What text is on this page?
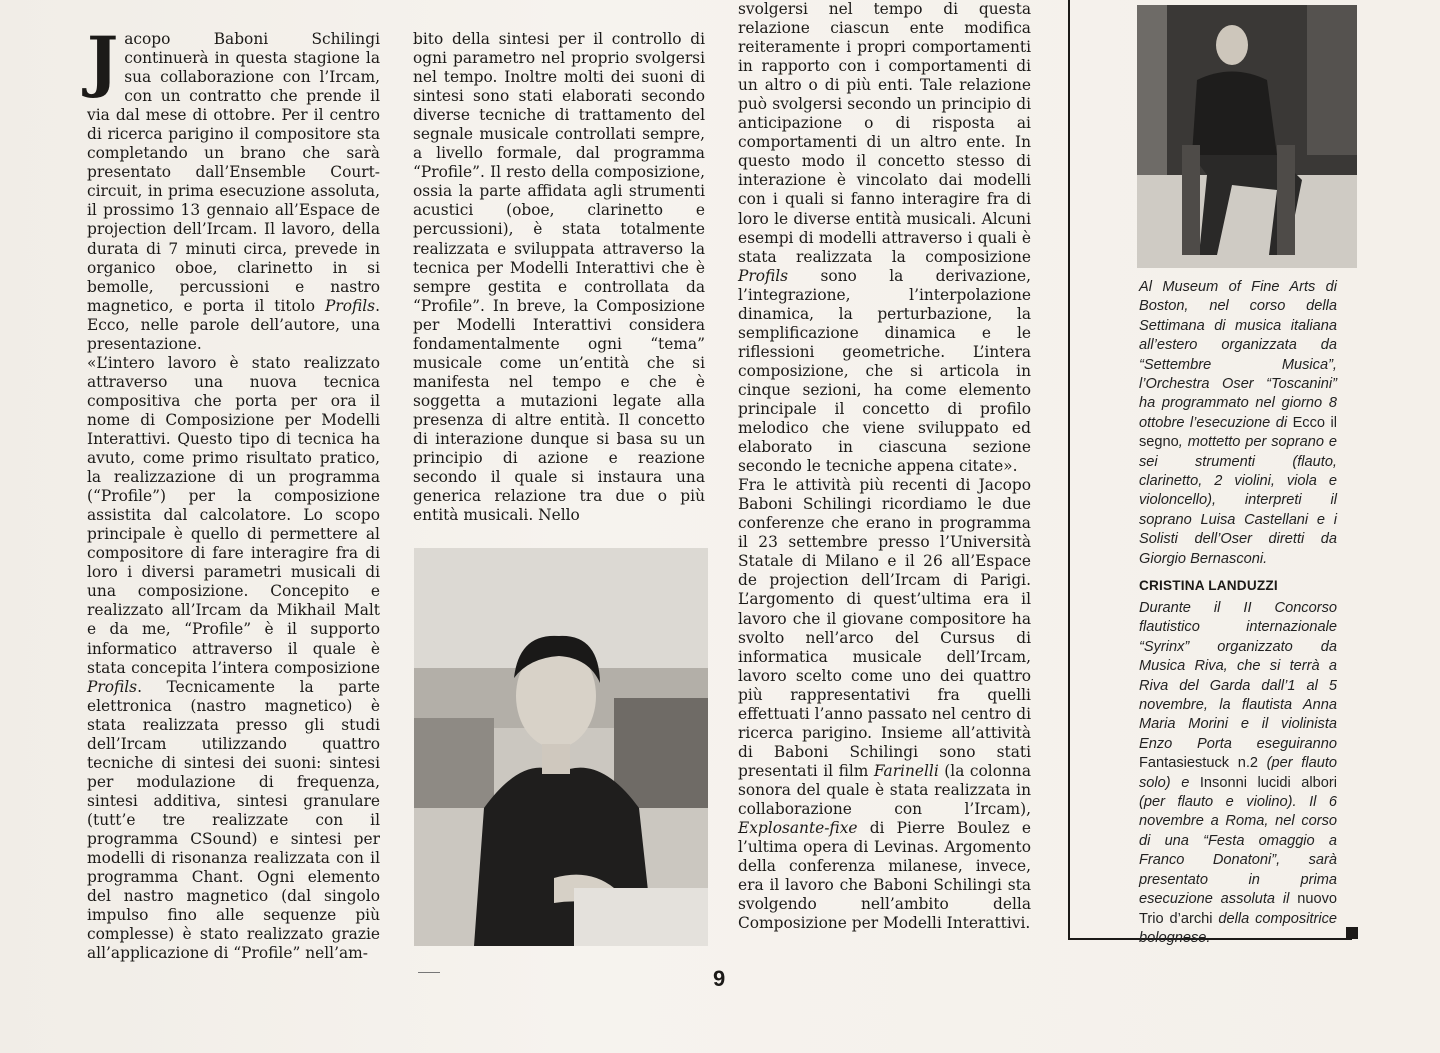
Jacopo Baboni Schilingi continuerà in questa stagione la sua collaborazione con l’Ircam, con un contratto che prende il via dal mese di ottobre. Per il centro di ricerca parigino il compositore sta completando un brano che sarà presentato dall’Ensemble Court-circuit, in prima esecuzione assoluta, il prossimo 13 gennaio all’Espace de projection dell’Ircam. Il lavoro, della durata di 7 minuti circa, prevede in organico oboe, clarinetto in si bemolle, percussioni e nastro magnetico, e porta il titolo Profils. Ecco, nelle parole dell’autore, una presentazione.

«L’intero lavoro è stato realizzato attraverso una nuova tecnica compositiva che porta per ora il nome di Composizione per Modelli Interattivi. Questo tipo di tecnica ha avuto, come primo risultato pratico, la realizzazione di un programma (“Profile”) per la composizione assistita dal calcolatore. Lo scopo principale è quello di permettere al compositore di fare interagire fra di loro i diversi parametri musicali di una composizione. Concepito e realizzato all’Ircam da Mikhail Malt e da me, “Profile” è il supporto informatico attraverso il quale è stata concepita l’intera composizione Profils. Tecnicamente la parte elettronica (nastro magnetico) è stata realizzata presso gli studi dell’Ircam utilizzando quattro tecniche di sintesi dei suoni: sintesi per modulazione di frequenza, sintesi additiva, sintesi granulare (tutt’e tre realizzate con il programma CSound) e sintesi per modelli di risonanza realizzata con il programma Chant. Ogni elemento del nastro magnetico (dal singolo impulso fino alle sequenze più complesse) è stato realizzato grazie all’applicazione di “Profile” nell’am-

bito della sintesi per il controllo di ogni parametro nel proprio svolgersi nel tempo. Inoltre molti dei suoni di sintesi sono stati elaborati secondo diverse tecniche di trattamento del segnale musicale controllati sempre, a livello formale, dal programma “Profile”. Il resto della composizione, ossia la parte affidata agli strumenti acustici (oboe, clarinetto e percussioni), è stata totalmente realizzata e sviluppata attraverso la tecnica per Modelli Interattivi che è sempre gestita e controllata da “Profile”. In breve, la Composizione per Modelli Interattivi considera fondamentalmente ogni “tema” musicale come un’entità che si manifesta nel tempo e che è soggetta a mutazioni legate alla presenza di altre entità. Il concetto di interazione dunque si basa su un principio di azione e reazione secondo il quale si instaura una generica relazione tra due o più entità musicali. Nello

svolgersi nel tempo di questa relazione ciascun ente modifica reiteramente i propri comportamenti in rapporto con i comportamenti di un altro o di più enti. Tale relazione può svolgersi secondo un principio di anticipazione o di risposta ai comportamenti di un altro ente. In questo modo il concetto stesso di interazione è vincolato dai modelli con i quali si fanno interagire fra di loro le diverse entità musicali. Alcuni esempi di modelli attraverso i quali è stata realizzata la composizione Profils sono la derivazione, l’integrazione, l’interpolazione dinamica, la perturbazione, la semplificazione dinamica e le riflessioni geometriche. L’intera composizione, che si articola in cinque sezioni, ha come elemento principale il concetto di profilo melodico che viene sviluppato ed elaborato in ciascuna sezione secondo le tecniche appena citate».

Fra le attività più recenti di Jacopo Baboni Schilingi ricordiamo le due conferenze che erano in programma il 23 settembre presso l’Università Statale di Milano e il 26 all’Espace de projection dell’Ircam di Parigi. L’argomento di quest’ultima era il lavoro che il giovane compositore ha svolto nell’arco del Cursus di informatica musicale dell’Ircam, lavoro scelto come uno dei quattro più rappresentativi fra quelli effettuati l’anno passato nel centro di ricerca parigino. Insieme all’attività di Baboni Schilingi sono stati presentati il film Farinelli (la colonna sonora del quale è stata realizzata in collaborazione con l’Ircam), Explosante-fixe di Pierre Boulez e l’ultima opera di Levinas. Argomento della conferenza milanese, invece, era il lavoro che Baboni Schilingi sta svolgendo nell’ambito della Composizione per Modelli Interattivi.

Al Museum of Fine Arts di Boston, nel corso della Settimana di musica italiana all’estero organizzata da “Settembre Musica”, l’Orchestra Oser “Toscanini” ha programmato nel giorno 8 ottobre l’esecuzione di Ecco il segno, mottetto per soprano e sei strumenti (flauto, clarinetto, 2 violini, viola e violoncello), interpreti il soprano Luisa Castellani e i Solisti dell’Oser diretti da Giorgio Bernasconi.
CRISTINA LANDUZZI
Durante il II Concorso flautistico internazionale “Syrinx” organizzato da Musica Riva, che si terrà a Riva del Garda dall’1 al 5 novembre, la flautista Anna Maria Morini e il violinista Enzo Porta eseguiranno Fantasiestuck n.2 (per flauto solo) e Insonni lucidi albori (per flauto e violino). Il 6 novembre a Roma, nel corso di una “Festa omaggio a Franco Donatoni”, sarà presentato in prima esecuzione assoluta il nuovo Trio d’archi della compositrice bolognese.
9
